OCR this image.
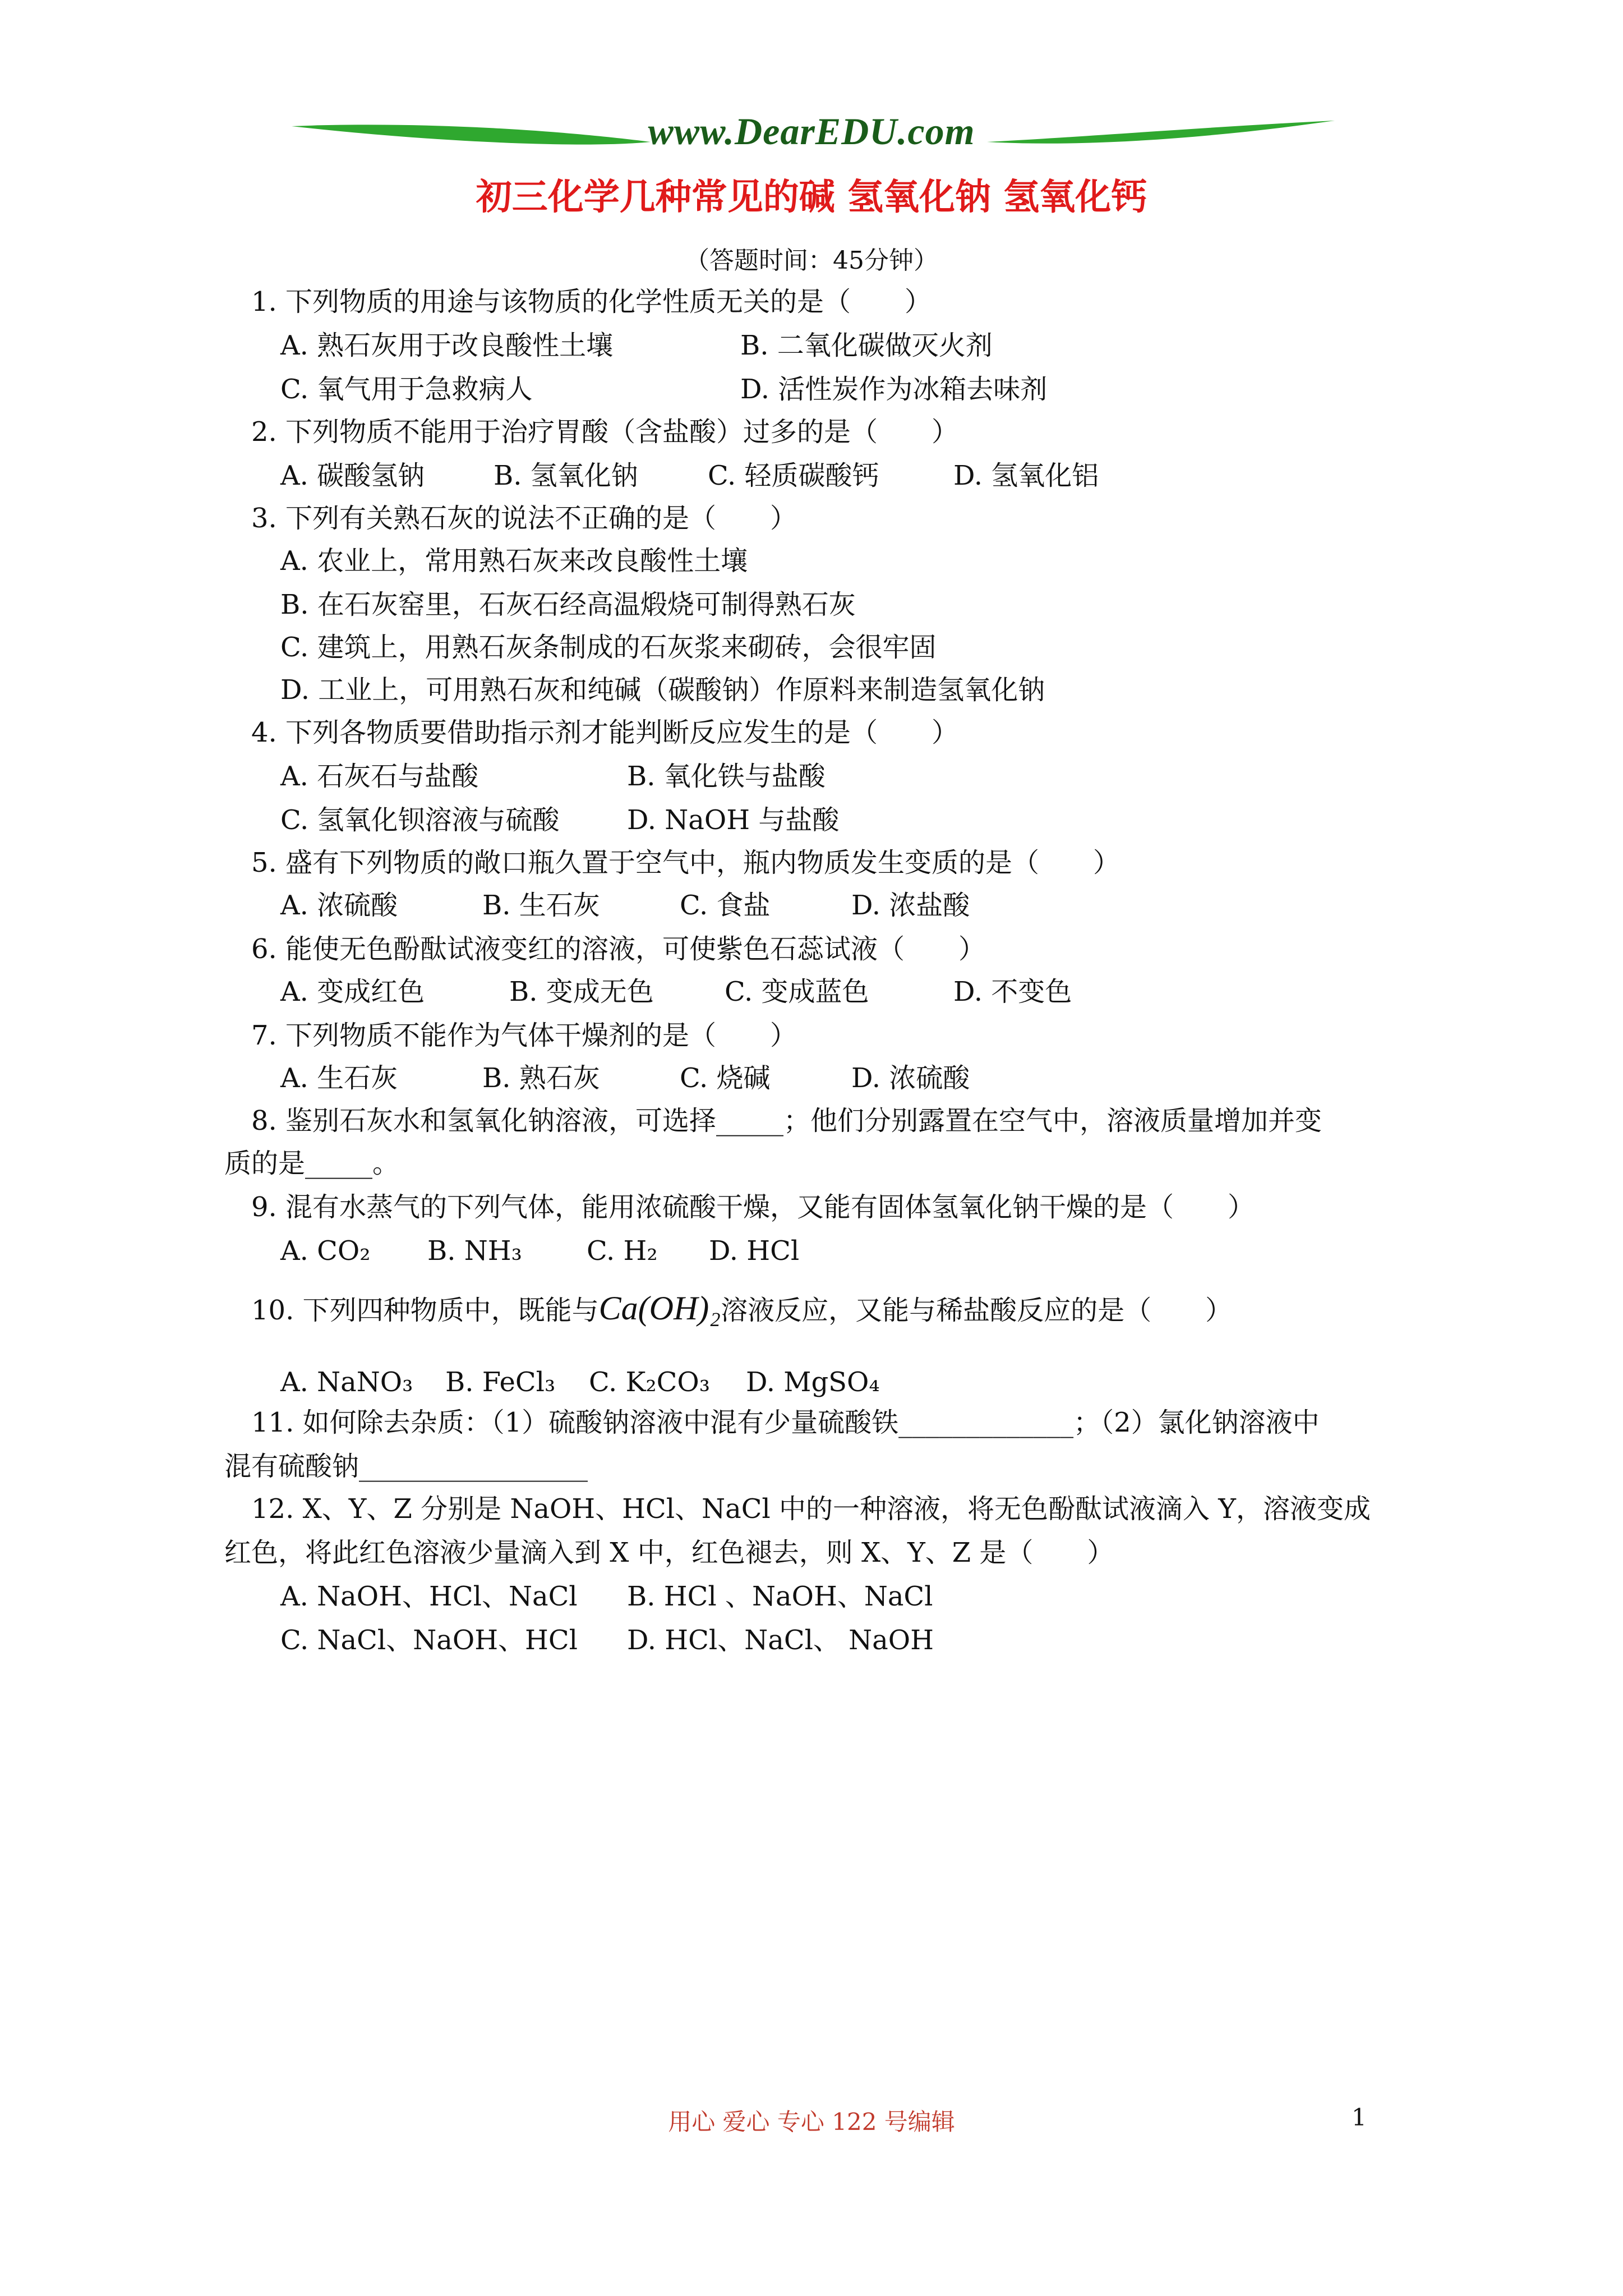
www.DearEDU.com
初三化学几种常见的碱 氢氧化钠 氢氧化钙
（答题时间：45分钟）
1. 下列物质的用途与该物质的化学性质无关的是（　　）
A. 熟石灰用于改良酸性土壤	B. 二氧化碳做灭火剂
C. 氧气用于急救病人	D. 活性炭作为冰箱去味剂
2. 下列物质不能用于治疗胃酸（含盐酸）过多的是（　　）
A. 碳酸氢钠	B. 氢氧化钠	C. 轻质碳酸钙	D. 氢氧化铝
3. 下列有关熟石灰的说法不正确的是（　　）
A. 农业上，常用熟石灰来改良酸性土壤
B. 在石灰窑里，石灰石经高温煅烧可制得熟石灰
C. 建筑上，用熟石灰条制成的石灰浆来砌砖，会很牢固
D. 工业上，可用熟石灰和纯碱（碳酸钠）作原料来制造氢氧化钠
4. 下列各物质要借助指示剂才能判断反应发生的是（　　）
A. 石灰石与盐酸	B. 氧化铁与盐酸
C. 氢氧化钡溶液与硫酸	D. NaOH 与盐酸
5. 盛有下列物质的敞口瓶久置于空气中，瓶内物质发生变质的是（　　）
A. 浓硫酸	B. 生石灰	C. 食盐	D. 浓盐酸
6. 能使无色酚酞试液变红的溶液，可使紫色石蕊试液（　　）
A. 变成红色	B. 变成无色	C. 变成蓝色	D. 不变色
7. 下列物质不能作为气体干燥剂的是（　　）
A. 生石灰	B. 熟石灰	C. 烧碱	D. 浓硫酸
8. 鉴别石灰水和氢氧化钠溶液，可选择_____；他们分别露置在空气中，溶液质量增加并变
质的是_____。
9. 混有水蒸气的下列气体，能用浓硫酸干燥，又能有固体氢氧化钠干燥的是（　　）
A. CO₂ B. NH₃ C. H₂ D. HCl
10. 下列四种物质中，既能与Ca(OH)₂溶液反应，又能与稀盐酸反应的是（　　）
A. NaNO₃ B. FeCl₃ C. K₂CO₃ D. MgSO₄
11. 如何除去杂质：（1）硫酸钠溶液中混有少量硫酸铁_____________；（2）氯化钠溶液中
混有硫酸钠_________________
12. X、Y、Z 分别是 NaOH、HCl、NaCl 中的一种溶液，将无色酚酞试液滴入 Y，溶液变成
红色，将此红色溶液少量滴入到 X 中，红色褪去，则 X、Y、Z 是（　　）
A. NaOH、HCl、NaCl B. HCl 、NaOH、NaCl
C. NaCl、NaOH、HCl D. HCl、NaCl、 NaOH
用心 爱心 专心 122 号编辑	1
